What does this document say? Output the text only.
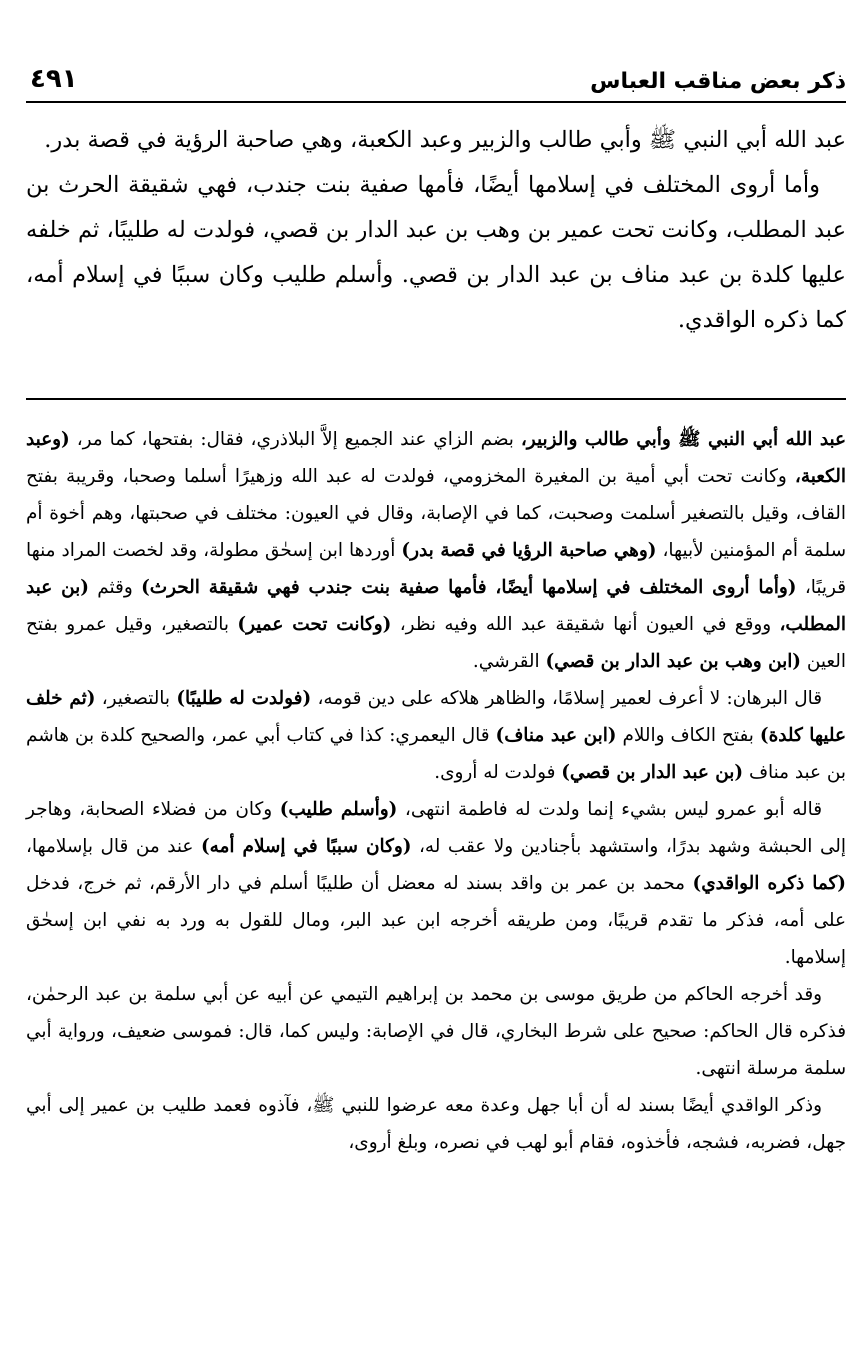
ذكر بعض مناقب العباس
٤٩١

عبد الله أبي النبي ﷺ وأبي طالب والزبير وعبد الكعبة، وهي صاحبة الرؤية في قصة بدر.

وأما أروى المختلف في إسلامها أيضًا، فأمها صفية بنت جندب، فهي شقيقة الحرث بن عبد المطلب، وكانت تحت عمير بن وهب بن عبد الدار بن قصي، فولدت له طليبًا، ثم خلفه عليها كلدة بن عبد مناف بن عبد الدار بن قصي. وأسلم طليب وكان سببًا في إسلام أمه، كما ذكره الواقدي.

عبد الله أبي النبي ﷺ وأبي طالب والزبير، بضم الزاي عند الجميع إلاَّ البلاذري، فقال: بفتحها، كما مر، (وعبد الكعبة، وكانت تحت أبي أمية بن المغيرة المخزومي، فولدت له عبد الله وزهيرًا أسلما وصحبا، وقريبة بفتح القاف، وقيل بالتصغير أسلمت وصحبت، كما في الإصابة، وقال في العيون: مختلف في صحبتها، وهم أخوة أم سلمة أم المؤمنين لأبيها، (وهي صاحبة الرؤيا في قصة بدر) أوردها ابن إسحٰق مطولة، وقد لخصت المراد منها قريبًا، (وأما أروى المختلف في إسلامها أيضًا، فأمها صفية بنت جندب فهي شقيقة الحرث) وقثم (بن عبد المطلب، ووقع في العيون أنها شقيقة عبد الله وفيه نظر، (وكانت تحت عمير) بالتصغير، وقيل عمرو بفتح العين (ابن وهب بن عبد الدار بن قصي) القرشي.

قال البرهان: لا أعرف لعمير إسلامًا، والظاهر هلاكه على دين قومه، (فولدت له طليبًا) بالتصغير، (ثم خلف عليها كلدة) بفتح الكاف واللام (ابن عبد مناف) قال اليعمري: كذا في كتاب أبي عمر، والصحيح كلدة بن هاشم بن عبد مناف (بن عبد الدار بن قصي) فولدت له أروى.

قاله أبو عمرو ليس بشيء إنما ولدت له فاطمة انتهى، (وأسلم طليب) وكان من فضلاء الصحابة، وهاجر إلى الحبشة وشهد بدرًا، واستشهد بأجنادين ولا عقب له، (وكان سببًا في إسلام أمه) عند من قال بإسلامها، (كما ذكره الواقدي) محمد بن عمر بن واقد بسند له معضل أن طليبًا أسلم في دار الأرقم، ثم خرج، فدخل على أمه، فذكر ما تقدم قريبًا، ومن طريقه أخرجه ابن عبد البر، ومال للقول به ورد به نفي ابن إسحٰق إسلامها.

وقد أخرجه الحاكم من طريق موسى بن محمد بن إبراهيم التيمي عن أبيه عن أبي سلمة بن عبد الرحمٰن، فذكره قال الحاكم: صحيح على شرط البخاري، قال في الإصابة: وليس كما، قال: فموسى ضعيف، ورواية أبي سلمة مرسلة انتهى.

وذكر الواقدي أيضًا بسند له أن أبا جهل وعدة معه عرضوا للنبي ﷺ، فآذوه فعمد طليب بن عمير إلى أبي جهل، فضربه، فشجه، فأخذوه، فقام أبو لهب في نصره، وبلغ أروى،
